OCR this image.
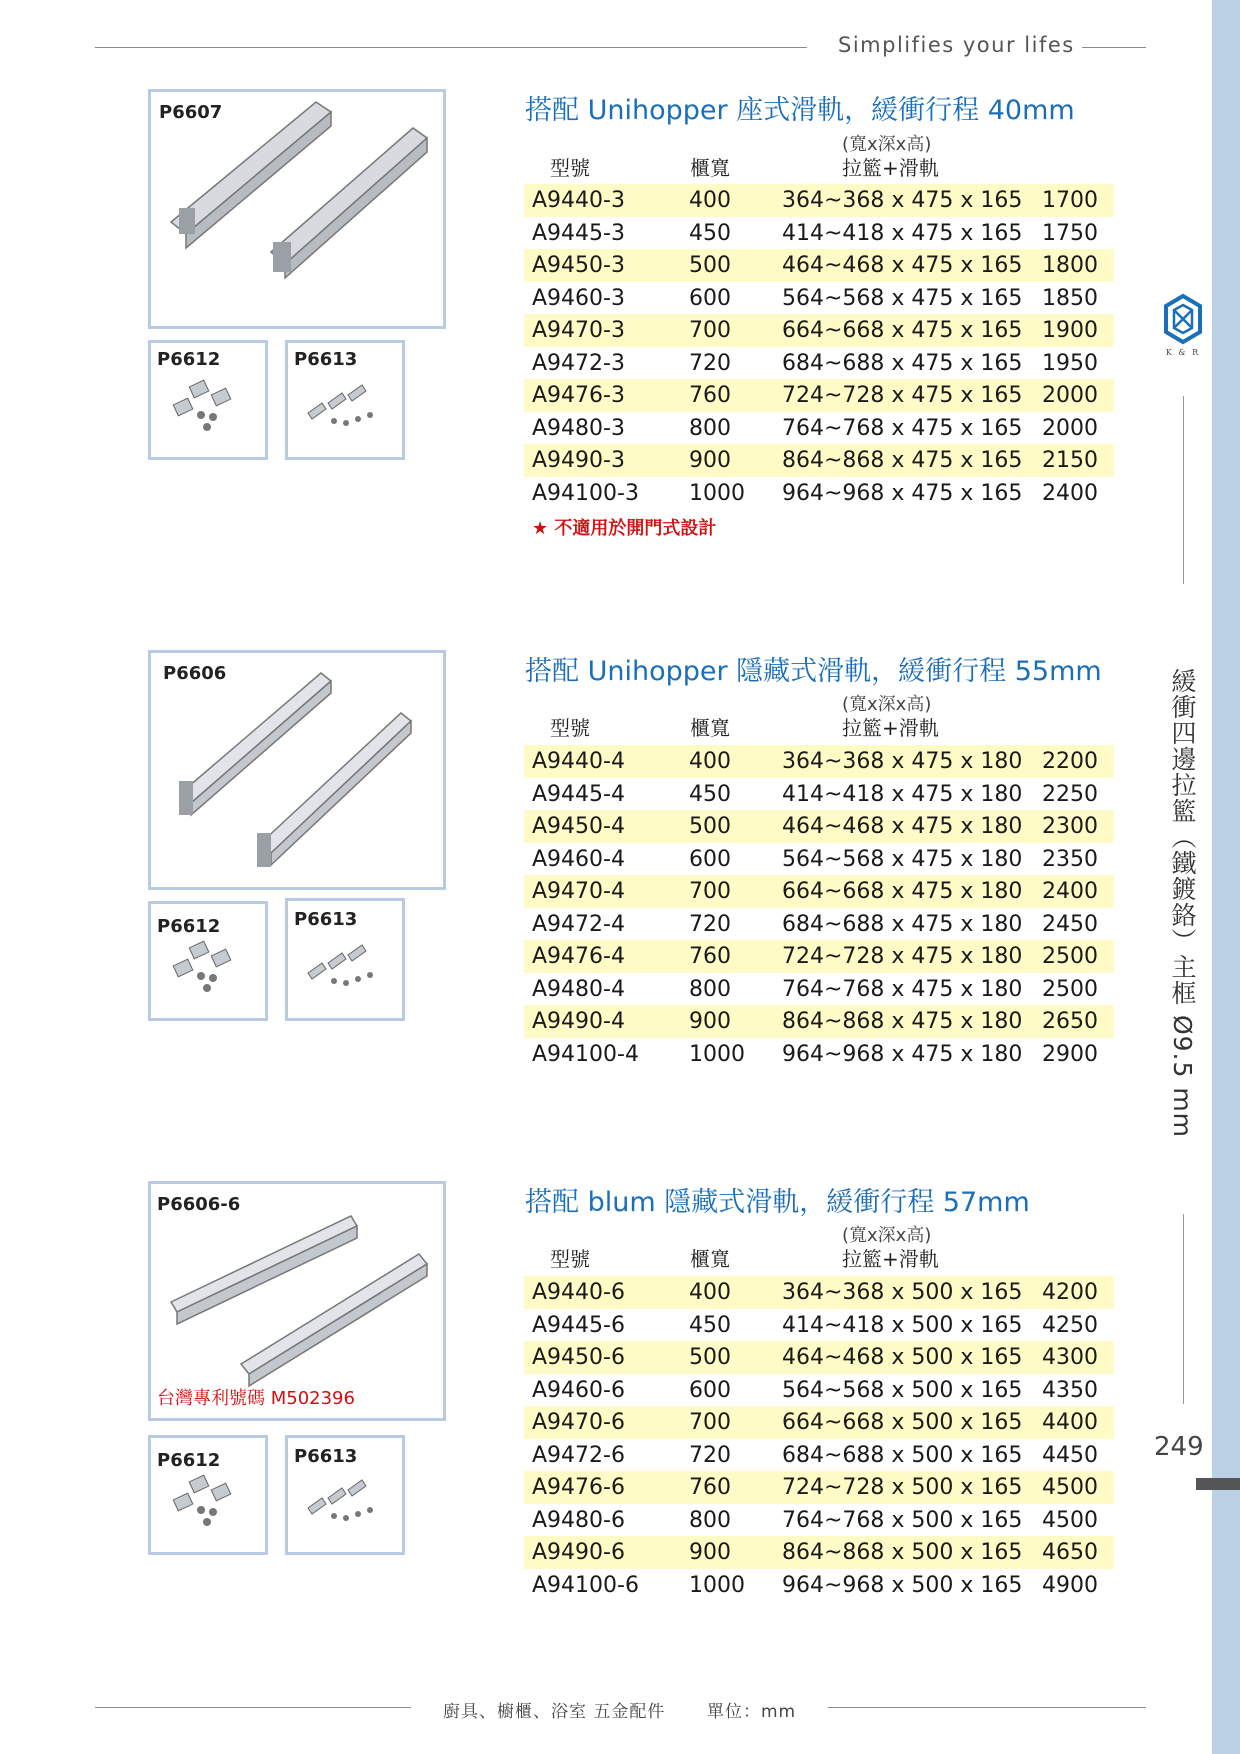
Simplifies your lifes
K & R
緩衝四邊拉籃（鐵鍍鉻）主框 Ø9.5 mm
249
P6607
P6612	P6613
搭配 Unihopper 座式滑軌，緩衝行程 40mm
(寬x深x高)
型號	櫃寬	拉籃+滑軌
A9440-3	400 364~368 x 475 x 165 1700
A9445-3	450 414~418 x 475 x 165 1750
A9450-3	500 464~468 x 475 x 165 1800
A9460-3	600 564~568 x 475 x 165 1850
A9470-3	700 664~668 x 475 x 165 1900
A9472-3	720 684~688 x 475 x 165 1950
A9476-3	760 724~728 x 475 x 165 2000
A9480-3	800 764~768 x 475 x 165 2000
A9490-3	900 864~868 x 475 x 165 2150
A94100-3 1000 964~968 x 475 x 165 2400
★ 不適用於開門式設計
P6606
P6612	P6613
搭配 Unihopper 隱藏式滑軌，緩衝行程 55mm
(寬x深x高)
型號	櫃寬	拉籃+滑軌
A9440-4	400 364~368 x 475 x 180 2200
A9445-4	450 414~418 x 475 x 180 2250
A9450-4	500 464~468 x 475 x 180 2300
A9460-4	600 564~568 x 475 x 180 2350
A9470-4	700 664~668 x 475 x 180 2400
A9472-4	720 684~688 x 475 x 180 2450
A9476-4	760 724~728 x 475 x 180 2500
A9480-4	800 764~768 x 475 x 180 2500
A9490-4	900 864~868 x 475 x 180 2650
A94100-4 1000 964~968 x 475 x 180 2900
P6606-6
台灣專利號碼 M502396
P6612	P6613
搭配 blum 隱藏式滑軌，緩衝行程 57mm
(寬x深x高)
型號	櫃寬	拉籃+滑軌
A9440-6	400 364~368 x 500 x 165 4200
A9445-6	450 414~418 x 500 x 165 4250
A9450-6	500 464~468 x 500 x 165 4300
A9460-6	600 564~568 x 500 x 165 4350
A9470-6	700 664~668 x 500 x 165 4400
A9472-6	720 684~688 x 500 x 165 4450
A9476-6	760 724~728 x 500 x 165 4500
A9480-6	800 764~768 x 500 x 165 4500
A9490-6	900 864~868 x 500 x 165 4650
A94100-6 1000 964~968 x 500 x 165 4900
廚具、櫥櫃、浴室 五金配件 單位：mm
